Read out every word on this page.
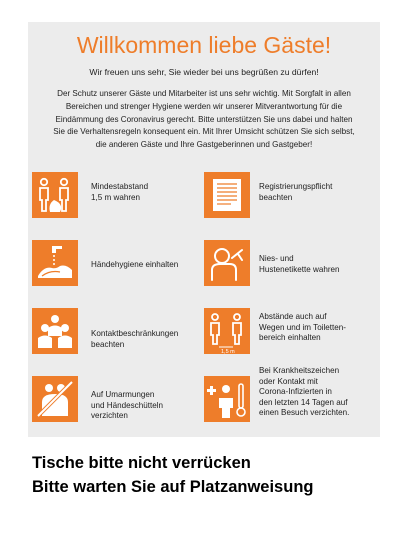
Willkommen liebe Gäste!
Wir freuen uns sehr, Sie wieder bei uns begrüßen zu dürfen!
Der Schutz unserer Gäste und Mitarbeiter ist uns sehr wichtig. Mit Sorgfalt in allen
Bereichen und strenger Hygiene werden wir unserer Mitverantwortung für die
Eindämmung des Coronavirus gerecht. Bitte unterstützen Sie uns dabei und halten
Sie die Verhaltensregeln konsequent ein. Mit Ihrer Umsicht schützen Sie sich selbst,
die anderen Gäste und Ihre Gastgeberinnen und Gastgeber!
Mindestabstand
1,5 m wahren
Registrierungspflicht
beachten
Händehygiene einhalten
Nies- und
Hustenetikette wahren
Kontaktbeschränkungen
beachten
1,5 m
Abstände auch auf
Wegen und im Toiletten-
bereich einhalten
Auf Umarmungen
und Händeschütteln
verzichten
Bei Krankheitszeichen
oder Kontakt mit
Corona-Infizierten in
den letzten 14 Tagen auf
einen Besuch verzichten.
Tische bitte nicht verrücken
Bitte warten Sie auf Platzanweisung
